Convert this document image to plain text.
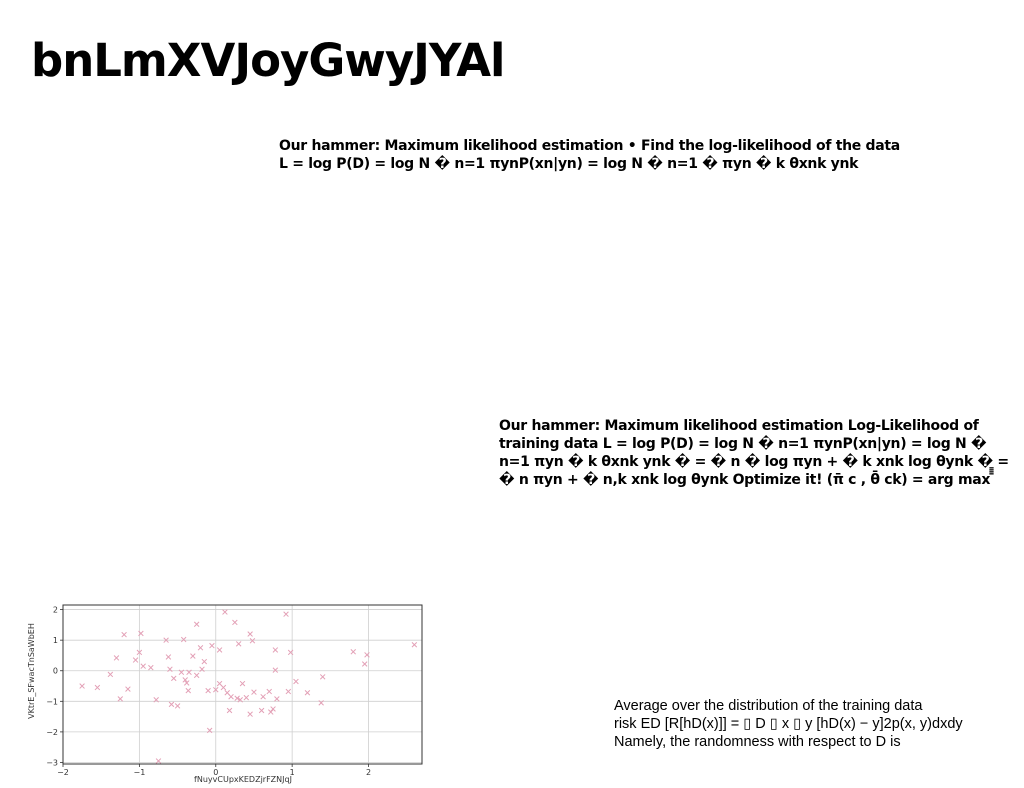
bnLmXVJoyGwyJYAl
Our hammer: Maximum likelihood estimation • Find the log-likelihood of the data L = log P(D) = log N � n=1 πynP(xn|yn) = log N � n=1 � πyn � k θxnk ynk
Our hammer: Maximum likelihood estimation Log-Likelihood of training data L = log P(D) = log N � n=1 πynP(xn|yn) = log N � n=1 πyn � k θxnk ynk � = � n � log πyn + � k xnk log θynk � = � n πyn + � n,k xnk log θynk Optimize it! (π̄̄̄̄ c , θ̄̄̄̄ ck) = arg max ̄̄̄̄
Average over the distribution of the training data
risk ED [R[hD(x)]] = ▯ D ▯ x ▯ y [hD(x) − y]2p(x, y)dxdy
Namely, the randomness with respect to D is
−2	−1	0	1	2
−3
−2
−1
0
1
2
fNuyvCUpxKEDZjrFZNJqJ
VKtrE_SFwacTnSaWbEH
